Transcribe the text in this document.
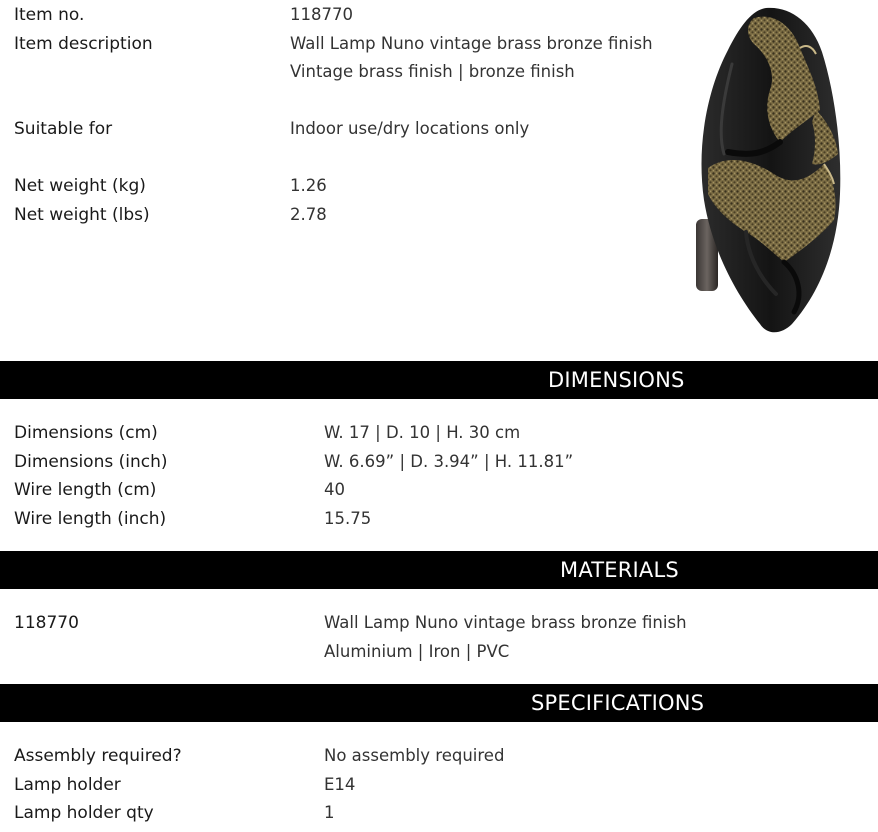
Item no.	118770
Item description	Wall Lamp Nuno vintage brass bronze finish
Vintage brass finish | bronze finish
Suitable for	Indoor use/dry locations only
Net weight (kg)	1.26
Net weight (lbs)	2.78
DIMENSIONS
Dimensions (cm)	W. 17 | D. 10 | H. 30 cm
Dimensions (inch)	W. 6.69” | D. 3.94” | H. 11.81”
Wire length (cm)	40
Wire length (inch)	15.75
MATERIALS
118770	Wall Lamp Nuno vintage brass bronze finish
Aluminium | Iron | PVC
SPECIFICATIONS
Assembly required?	No assembly required
Lamp holder	E14
Lamp holder qty	1
